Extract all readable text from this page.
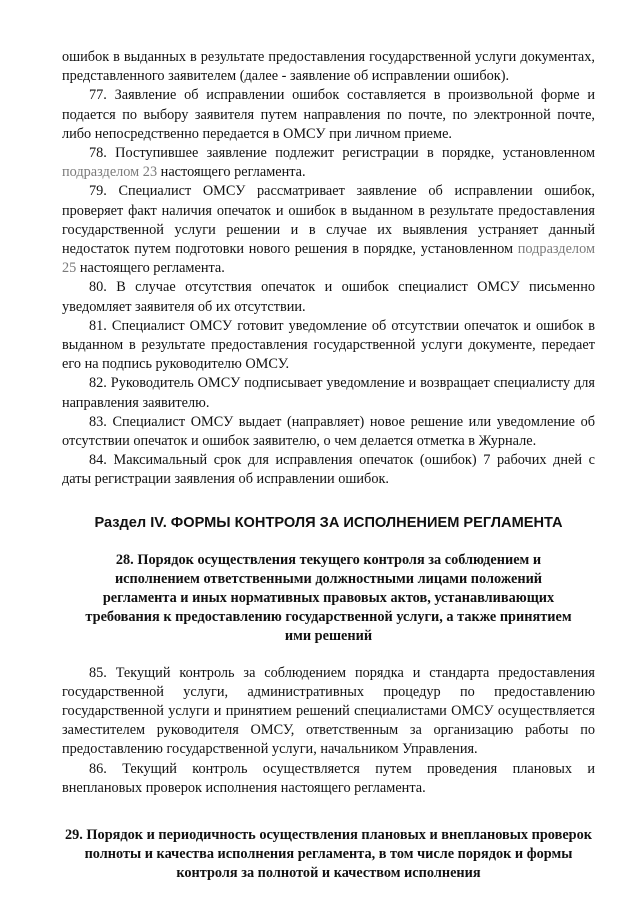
ошибок в выданных в результате предоставления государственной услуги документах, представленного заявителем (далее - заявление об исправлении ошибок).

77. Заявление об исправлении ошибок составляется в произвольной форме и подается по выбору заявителя путем направления по почте, по электронной почте, либо непосредственно передается в ОМСУ при личном приеме.

78. Поступившее заявление подлежит регистрации в порядке, установленном подразделом 23 настоящего регламента.

79. Специалист ОМСУ рассматривает заявление об исправлении ошибок, проверяет факт наличия опечаток и ошибок в выданном в результате предоставления государственной услуги решении и в случае их выявления устраняет данный недостаток путем подготовки нового решения в порядке, установленном подразделом 25 настоящего регламента.

80. В случае отсутствия опечаток и ошибок специалист ОМСУ письменно уведомляет заявителя об их отсутствии.

81. Специалист ОМСУ готовит уведомление об отсутствии опечаток и ошибок в выданном в результате предоставления государственной услуги документе, передает его на подпись руководителю ОМСУ.

82. Руководитель ОМСУ подписывает уведомление и возвращает специалисту для направления заявителю.

83. Специалист ОМСУ выдает (направляет) новое решение или уведомление об отсутствии опечаток и ошибок заявителю, о чем делается отметка в Журнале.

84. Максимальный срок для исправления опечаток (ошибок) 7 рабочих дней с даты регистрации заявления об исправлении ошибок.

Раздел IV. ФОРМЫ КОНТРОЛЯ ЗА ИСПОЛНЕНИЕМ РЕГЛАМЕНТА
28. Порядок осуществления текущего контроля за соблюдением и исполнением ответственными должностными лицами положений регламента и иных нормативных правовых актов, устанавливающих требования к предоставлению государственной услуги, а также принятием ими решений

85. Текущий контроль за соблюдением порядка и стандарта предоставления государственной услуги, административных процедур по предоставлению государственной услуги и принятием решений специалистами ОМСУ осуществляется заместителем руководителя ОМСУ, ответственным за организацию работы по предоставлению государственной услуги, начальником Управления.

86. Текущий контроль осуществляется путем проведения плановых и внеплановых проверок исполнения настоящего регламента.

29. Порядок и периодичность осуществления плановых и внеплановых проверок полноты и качества исполнения регламента, в том числе порядок и формы контроля за полнотой и качеством исполнения
